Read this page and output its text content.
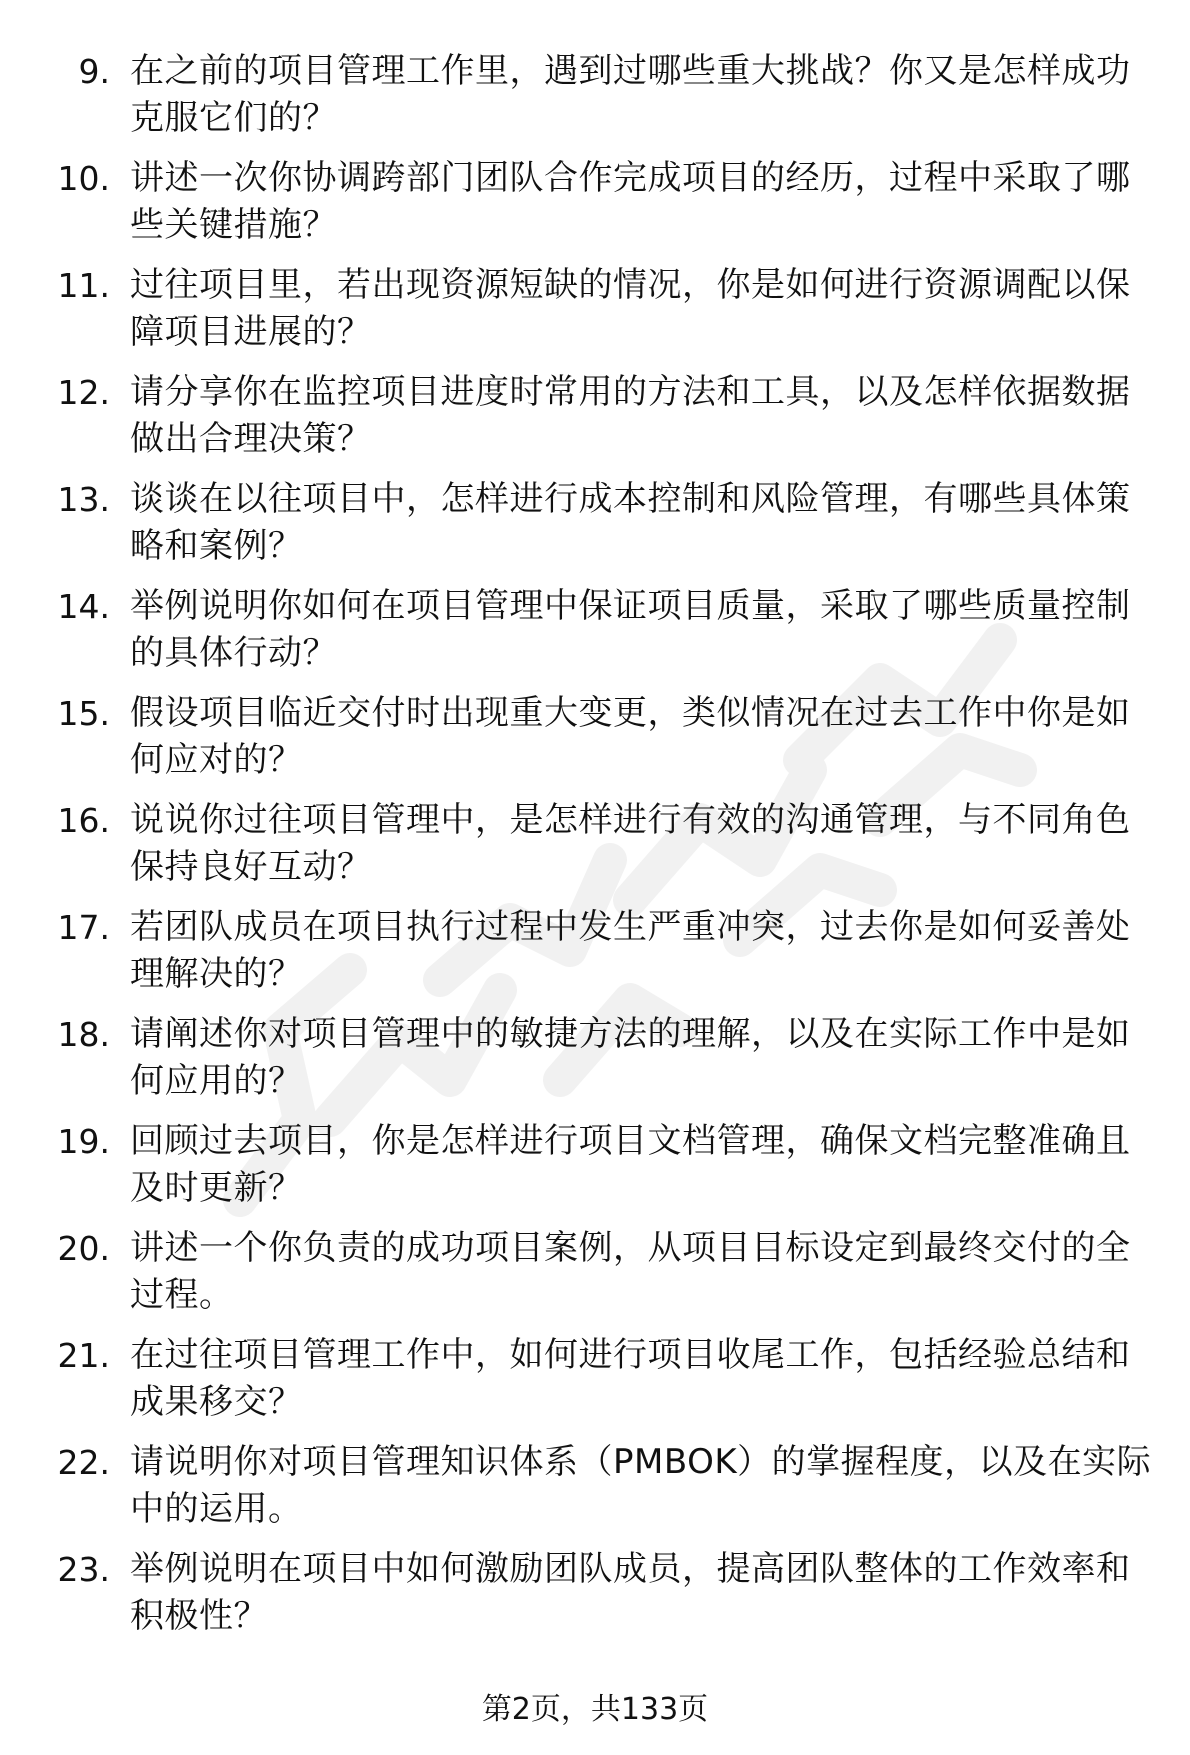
9. 在之前的项目管理工作里，遇到过哪些重大挑战？你又是怎样成功克服它们的？
10. 讲述一次你协调跨部门团队合作完成项目的经历，过程中采取了哪些关键措施？
11. 过往项目里，若出现资源短缺的情况，你是如何进行资源调配以保障项目进展的？
12. 请分享你在监控项目进度时常用的方法和工具，以及怎样依据数据做出合理决策？
13. 谈谈在以往项目中，怎样进行成本控制和风险管理，有哪些具体策略和案例？
14. 举例说明你如何在项目管理中保证项目质量，采取了哪些质量控制的具体行动？
15. 假设项目临近交付时出现重大变更，类似情况在过去工作中你是如何应对的？
16. 说说你过往项目管理中，是怎样进行有效的沟通管理，与不同角色保持良好互动？
17. 若团队成员在项目执行过程中发生严重冲突，过去你是如何妥善处理解决的？
18. 请阐述你对项目管理中的敏捷方法的理解，以及在实际工作中是如何应用的？
19. 回顾过去项目，你是怎样进行项目文档管理，确保文档完整准确且及时更新？
20. 讲述一个你负责的成功项目案例，从项目目标设定到最终交付的全过程。
21. 在过往项目管理工作中，如何进行项目收尾工作，包括经验总结和成果移交？
22. 请说明你对项目管理知识体系（PMBOK）的掌握程度，以及在实际中的运用。
23. 举例说明在项目中如何激励团队成员，提高团队整体的工作效率和积极性？
第2页，共133页
